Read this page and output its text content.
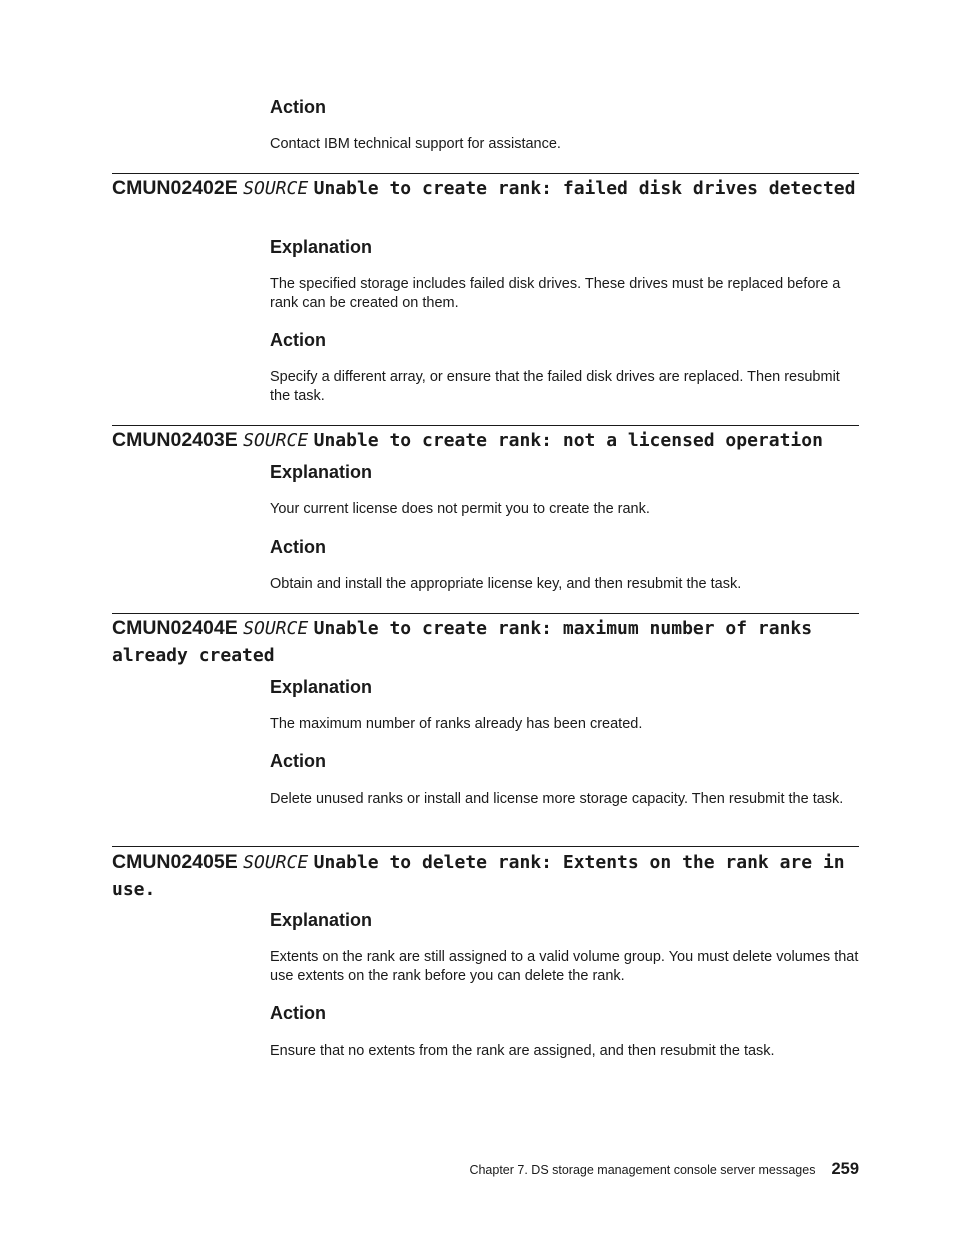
Action
Contact IBM technical support for assistance.
CMUN02402E SOURCE Unable to create rank: failed disk drives detected
Explanation
The specified storage includes failed disk drives. These drives must be replaced before a rank can be created on them.
Action
Specify a different array, or ensure that the failed disk drives are replaced. Then resubmit the task.
CMUN02403E SOURCE Unable to create rank: not a licensed operation
Explanation
Your current license does not permit you to create the rank.
Action
Obtain and install the appropriate license key, and then resubmit the task.
CMUN02404E SOURCE Unable to create rank: maximum number of ranks already created
Explanation
The maximum number of ranks already has been created.
Action
Delete unused ranks or install and license more storage capacity. Then resubmit the task.
CMUN02405E SOURCE Unable to delete rank: Extents on the rank are in use.
Explanation
Extents on the rank are still assigned to a valid volume group. You must delete volumes that use extents on the rank before you can delete the rank.
Action
Ensure that no extents from the rank are assigned, and then resubmit the task.
Chapter 7. DS storage management console server messages 259
